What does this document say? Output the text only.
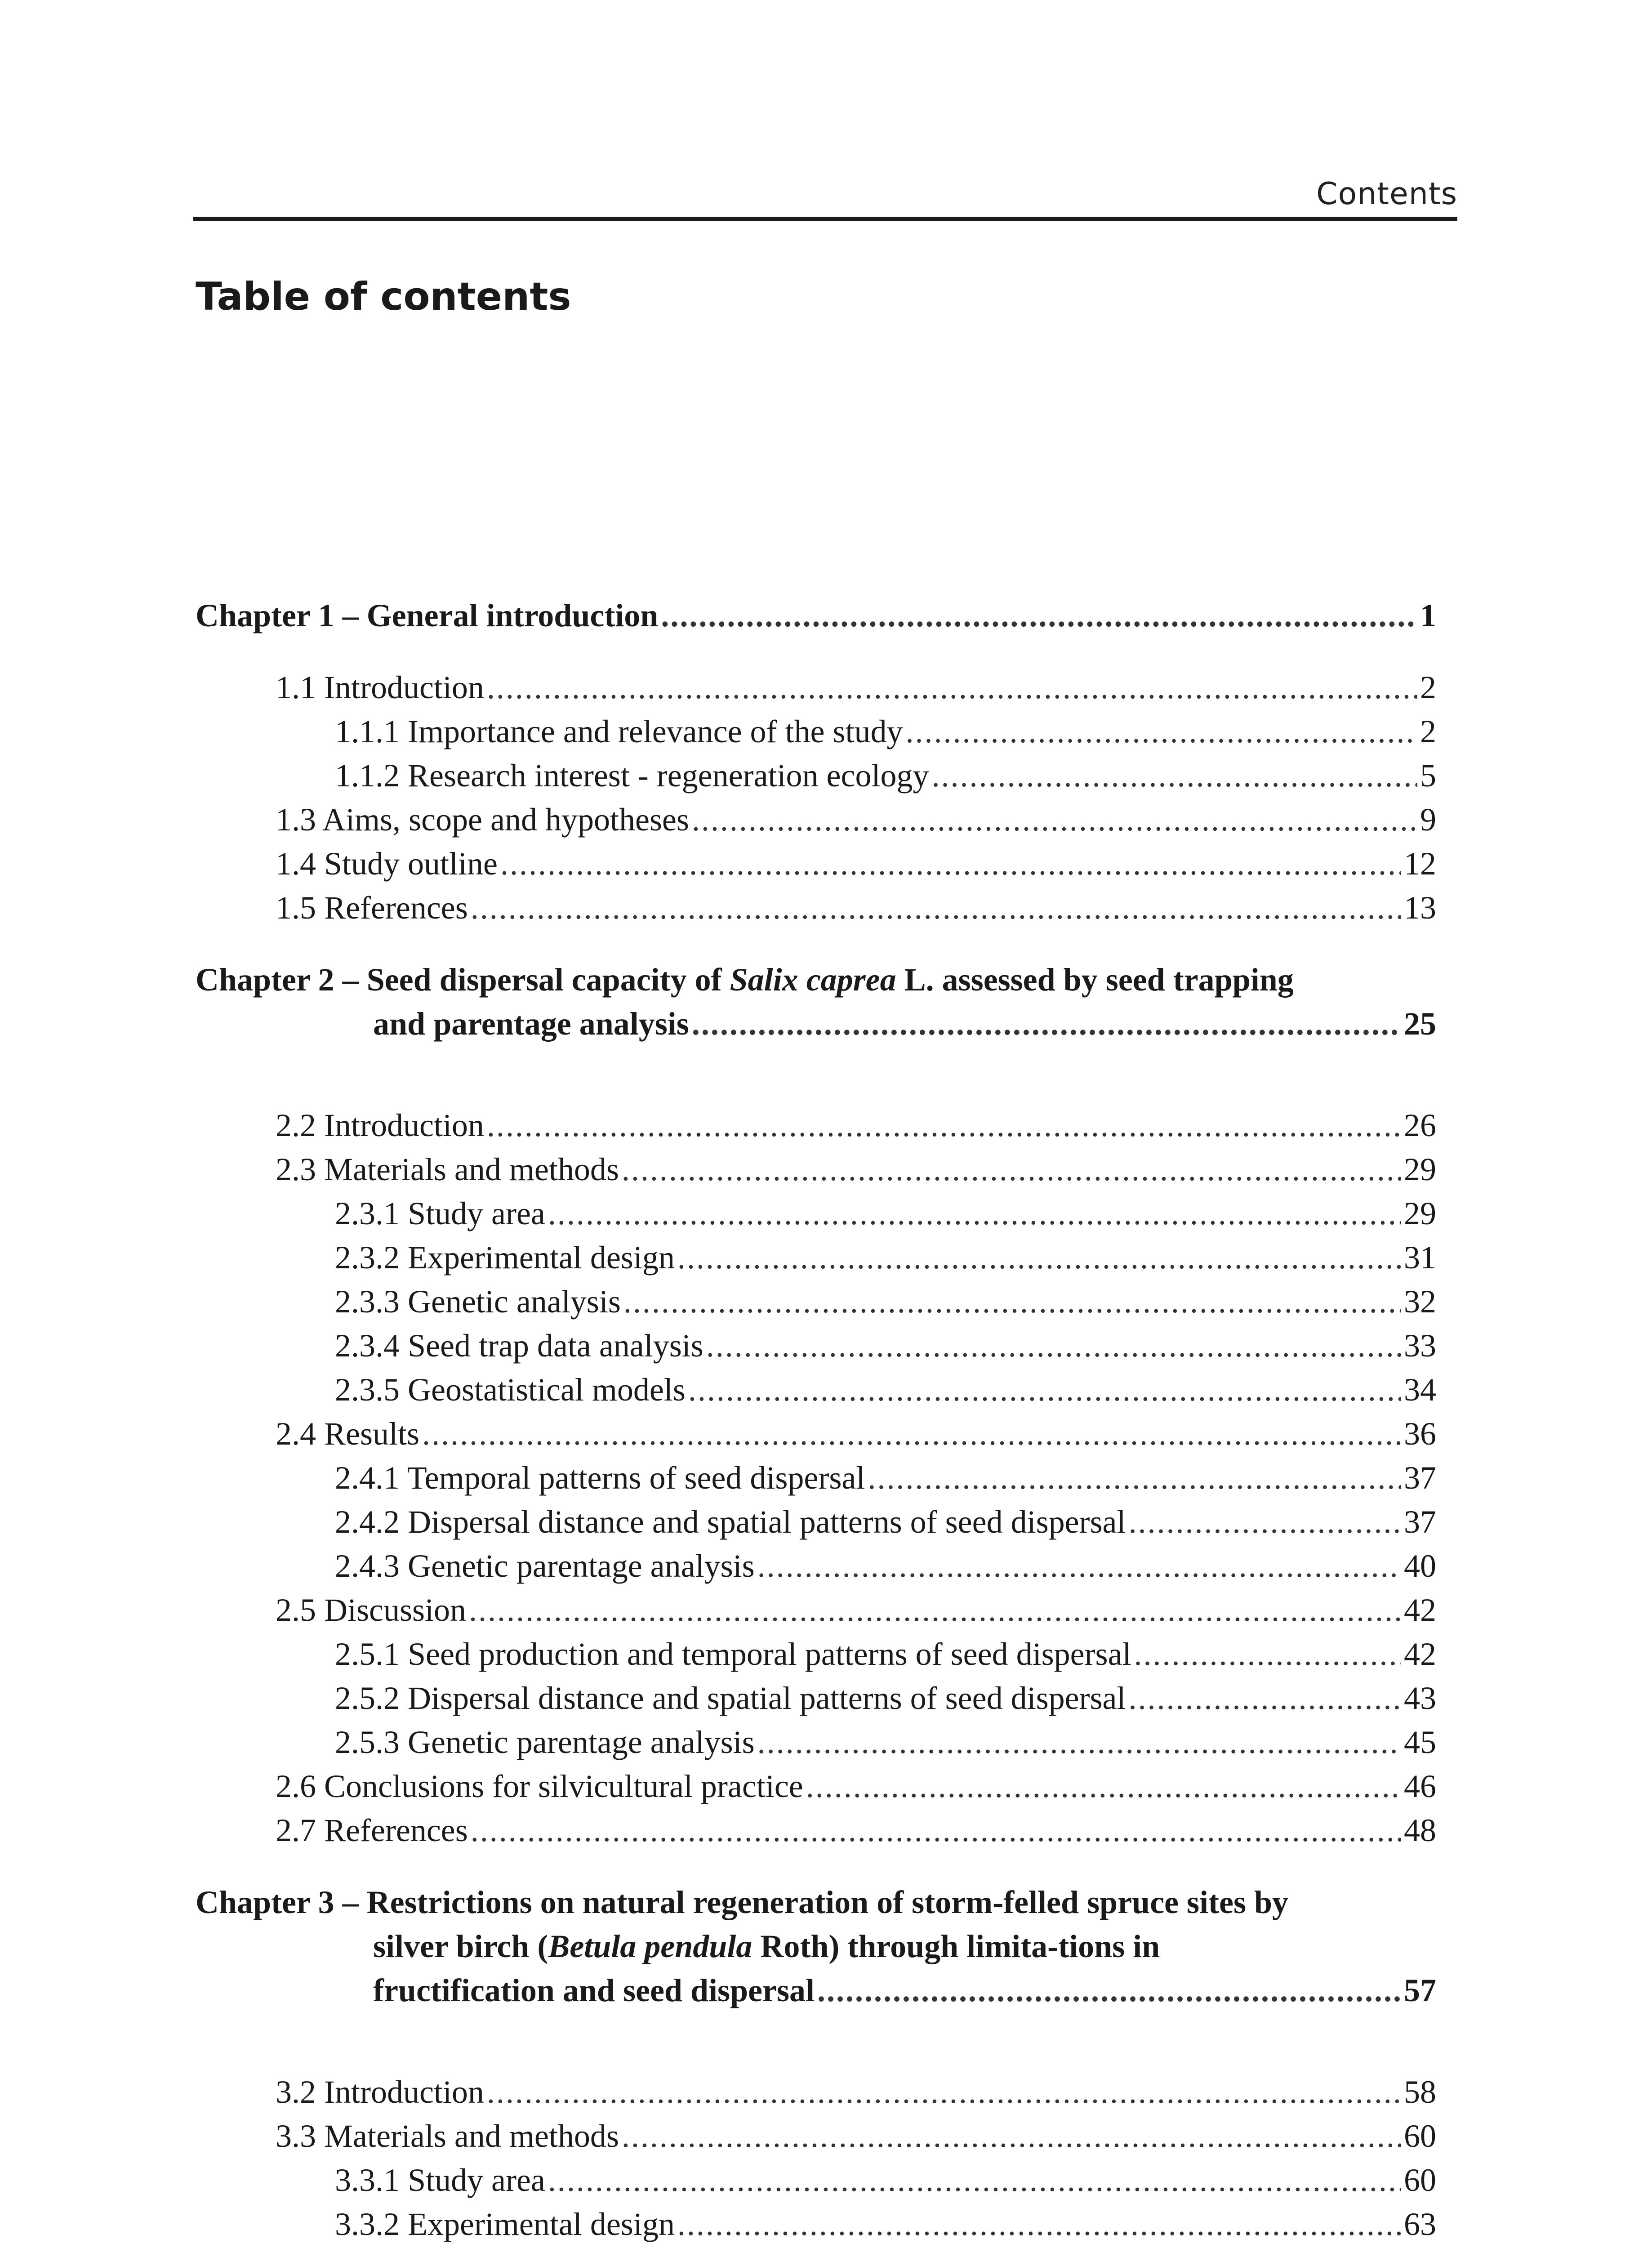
Contents
Table of contents
Chapter 1 – General introduction .....	1
1.1 Introduction .....	2
1.1.1 Importance and relevance of the study .....	2
1.1.2 Research interest - regeneration ecology .....	5
1.3 Aims, scope and hypotheses .....	9
1.4 Study outline .....	12
1.5 References .....	13
Chapter 2 – Seed dispersal capacity of Salix caprea L. assessed by seed trapping
and parentage analysis .....	25
2.2 Introduction .....	26
2.3 Materials and methods .....	29
2.3.1 Study area .....	29
2.3.2 Experimental design .....	31
2.3.3 Genetic analysis .....	32
2.3.4 Seed trap data analysis .....	33
2.3.5 Geostatistical models .....	34
2.4 Results .....	36
2.4.1 Temporal patterns of seed dispersal .....	37
2.4.2 Dispersal distance and spatial patterns of seed dispersal .....	37
2.4.3 Genetic parentage analysis .....	40
2.5 Discussion .....	42
2.5.1 Seed production and temporal patterns of seed dispersal .....	42
2.5.2 Dispersal distance and spatial patterns of seed dispersal .....	43
2.5.3 Genetic parentage analysis .....	45
2.6 Conclusions for silvicultural practice .....	46
2.7 References .....	48
Chapter 3 – Restrictions on natural regeneration of storm-felled spruce sites by
silver birch (Betula pendula Roth) through limita-tions in
fructification and seed dispersal .....	57
3.2 Introduction .....	58
3.3 Materials and methods .....	60
3.3.1 Study area .....	60
3.3.2 Experimental design .....	63
